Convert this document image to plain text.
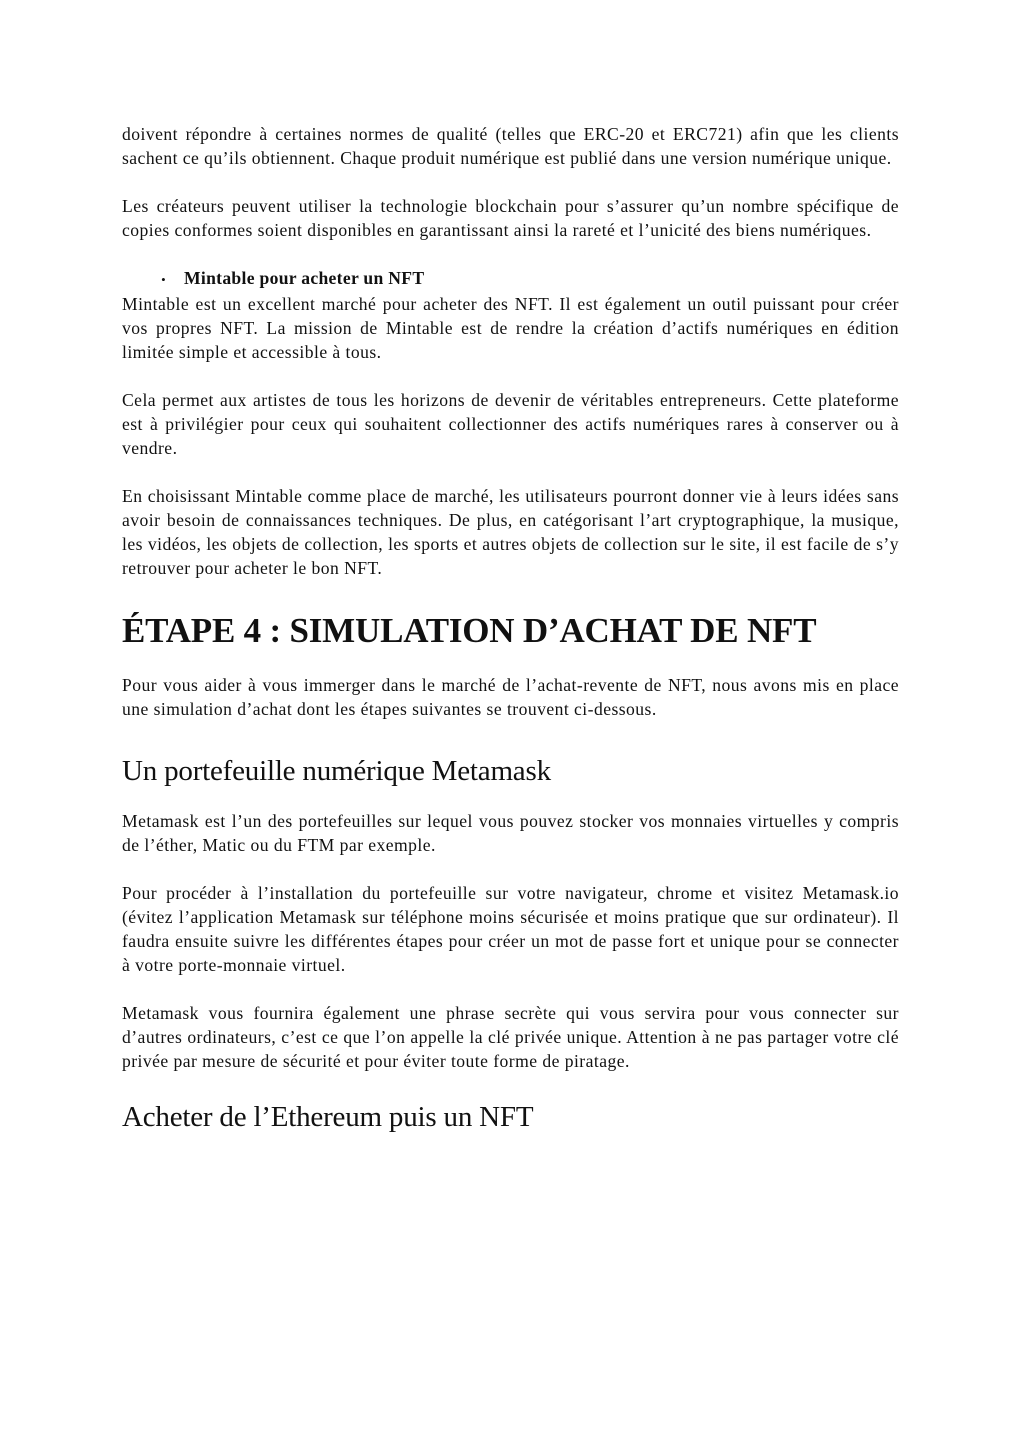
doivent répondre à certaines normes de qualité (telles que ERC-20 et ERC721) afin que les clients sachent ce qu’ils obtiennent. Chaque produit numérique est publié dans une version numérique unique.

Les créateurs peuvent utiliser la technologie blockchain pour s’assurer qu’un nombre spécifique de copies conformes soient disponibles en garantissant ainsi la rareté et l’unicité des biens numériques.

•	Mintable pour acheter un NFT

Mintable est un excellent marché pour acheter des NFT. Il est également un outil puissant pour créer vos propres NFT. La mission de Mintable est de rendre la création d’actifs numériques en édition limitée simple et accessible à tous.

Cela permet aux artistes de tous les horizons de devenir de véritables entrepreneurs. Cette plateforme est à privilégier pour ceux qui souhaitent collectionner des actifs numériques rares à conserver ou à vendre.

En choisissant Mintable comme place de marché, les utilisateurs pourront donner vie à leurs idées sans avoir besoin de connaissances techniques. De plus, en catégorisant l’art cryptographique, la musique, les vidéos, les objets de collection, les sports et autres objets de collection sur le site, il est facile de s’y retrouver pour acheter le bon NFT.

ÉTAPE 4 : SIMULATION D’ACHAT DE NFT

Pour vous aider à vous immerger dans le marché de l’achat-revente de NFT, nous avons mis en place une simulation d’achat dont les étapes suivantes se trouvent ci-dessous.

Un portefeuille numérique Metamask

Metamask est l’un des portefeuilles sur lequel vous pouvez stocker vos monnaies virtuelles y compris de l’éther, Matic ou du FTM par exemple.

Pour procéder à l’installation du portefeuille sur votre navigateur, chrome et visitez Metamask.io (évitez l’application Metamask sur téléphone moins sécurisée et moins pratique que sur ordinateur). Il faudra ensuite suivre les différentes étapes pour créer un mot de passe fort et unique pour se connecter à votre porte-monnaie virtuel.

Metamask vous fournira également une phrase secrète qui vous servira pour vous connecter sur d’autres ordinateurs, c’est ce que l’on appelle la clé privée unique. Attention à ne pas partager votre clé privée par mesure de sécurité et pour éviter toute forme de piratage.

Acheter de l’Ethereum puis un NFT
